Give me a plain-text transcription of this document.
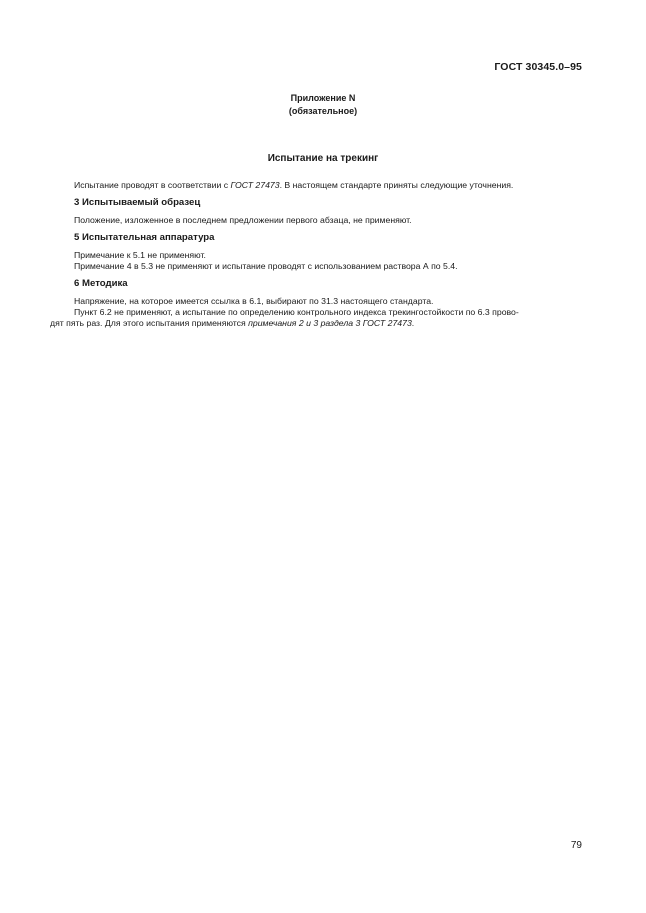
ГОСТ 30345.0–95
Приложение N
(обязательное)
Испытание на трекинг

Испытание проводят в соответствии с ГОСТ 27473. В настоящем стандарте приняты следующие уточнения.

3 Испытываемый образец

Положение, изложенное в последнем предложении первого абзаца, не применяют.

5 Испытательная аппаратура

Примечание к 5.1 не применяют.

Примечание 4 в 5.3 не применяют и испытание проводят с использованием раствора А по 5.4.

6 Методика

Напряжение, на которое имеется ссылка в 6.1, выбирают по 31.3 настоящего стандарта.

Пункт 6.2 не применяют, а испытание по определению контрольного индекса трекингостойкости по 6.3 прово-

дят пять раз. Для этого испытания применяются примечания 2 и 3 раздела 3 ГОСТ 27473.

79
